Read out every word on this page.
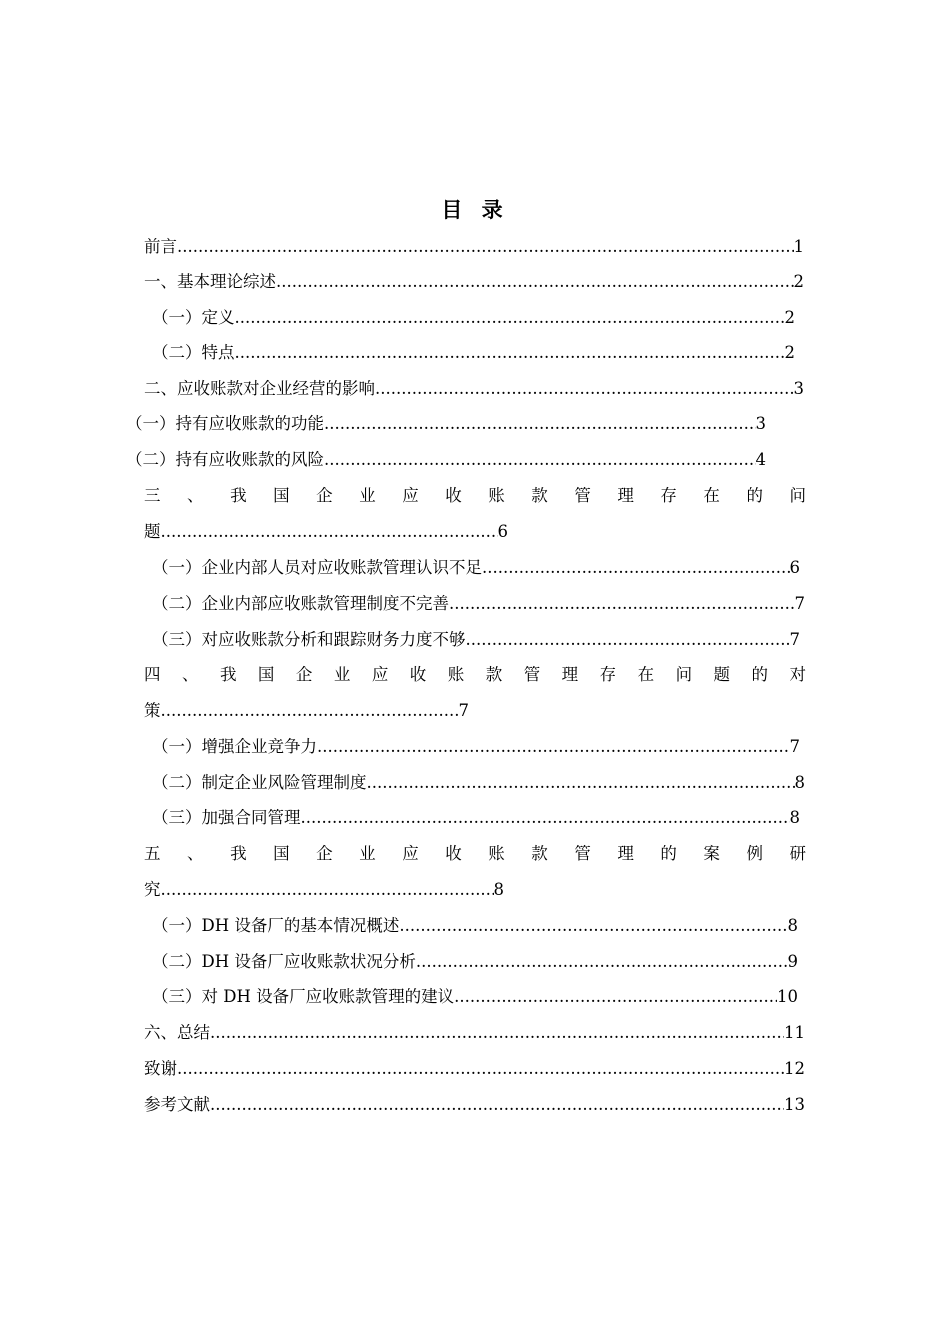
目 录
前言 .....	1
一、基本理论综述 .....	2
（一）定义 .....	2
（二）特点 .....	2
二、应收账款对企业经营的影响 .....	3
（一）持有应收账款的功能 .....	3
（二）持有应收账款的风险 .....	4
三 、 我 国 企 业 应 收 账 款 管 理 存 在 的 问
题 .....	6
（一）企业内部人员对应收账款管理认识不足 .....	6
（二）企业内部应收账款管理制度不完善 .....	7
（三）对应收账款分析和跟踪财务力度不够 .....	7
四 、 我 国 企 业 应 收 账 款 管 理 存 在 问 题 的 对
策 .....	7
（一）增强企业竞争力 .....	7
（二）制定企业风险管理制度 .....	8
（三）加强合同管理 .....	8
五 、 我 国 企 业 应 收 账 款 管 理 的 案 例 研
究 .....	8
（一）DH 设备厂的基本情况概述 .....	8
（二）DH 设备厂应收账款状况分析 .....	9
（三）对 DH 设备厂应收账款管理的建议 .....	10
六、总结 .....	11
致谢 .....	12
参考文献 .....	13
